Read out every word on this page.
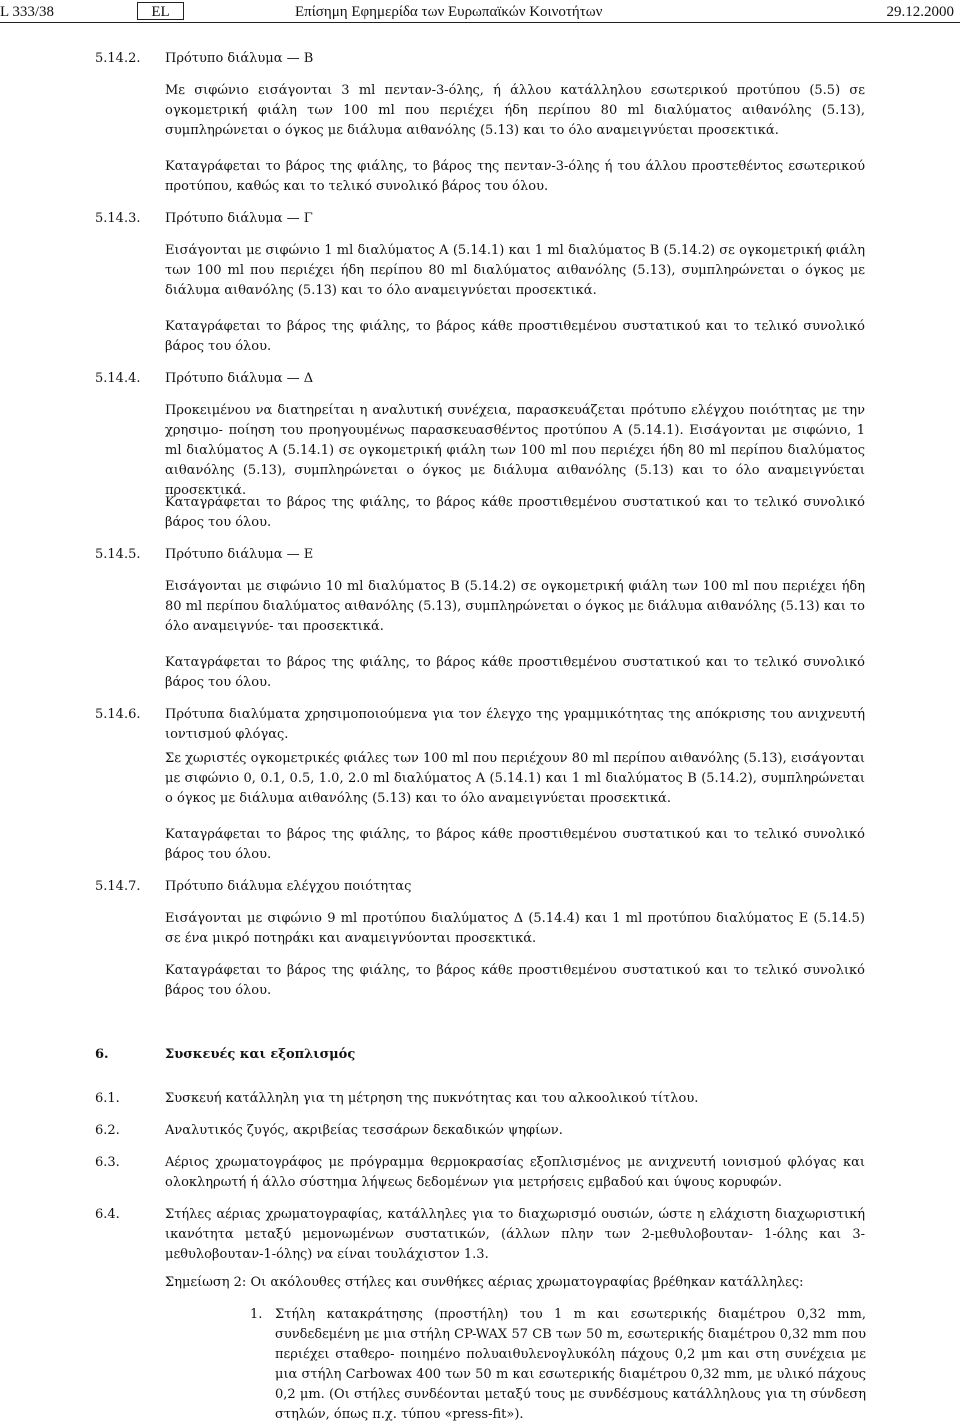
L 333/38	EL	Επίσημη Εφημερίδα των Ευρωπαϊκών Κοινοτήτων	29.12.2000
5.14.2. Πρότυπο διάλυμα — Β
Με σιφώνιο εισάγονται 3 ml πενταν-3-όλης, ή άλλου κατάλληλου εσωτερικού προτύπου (5.5) σε ογκομετρική φιάλη των 100 ml που περιέχει ήδη περίπου 80 ml διαλύματος αιθανόλης (5.13), συμπληρώνεται ο όγκος με διάλυμα αιθανόλης (5.13) και το όλο αναμειγνύεται προσεκτικά.
Καταγράφεται το βάρος της φιάλης, το βάρος της πενταν-3-όλης ή του άλλου προστεθέντος εσωτερικού προτύπου, καθώς και το τελικό συνολικό βάρος του όλου.
5.14.3. Πρότυπο διάλυμα — Γ
Εισάγονται με σιφώνιο 1 ml διαλύματος Α (5.14.1) και 1 ml διαλύματος Β (5.14.2) σε ογκομετρική φιάλη των 100 ml που περιέχει ήδη περίπου 80 ml διαλύματος αιθανόλης (5.13), συμπληρώνεται ο όγκος με διάλυμα αιθανόλης (5.13) και το όλο αναμειγνύεται προσεκτικά.
Καταγράφεται το βάρος της φιάλης, το βάρος κάθε προστιθεμένου συστατικού και το τελικό συνολικό βάρος του όλου.
5.14.4. Πρότυπο διάλυμα — Δ
Προκειμένου να διατηρείται η αναλυτική συνέχεια, παρασκευάζεται πρότυπο ελέγχου ποιότητας με την χρησιμο- ποίηση του προηγουμένως παρασκευασθέντος προτύπου Α (5.14.1). Εισάγονται με σιφώνιο, 1 ml διαλύματος Α (5.14.1) σε ογκομετρική φιάλη των 100 ml που περιέχει ήδη 80 ml περίπου διαλύματος αιθανόλης (5.13), συμπληρώνεται ο όγκος με διάλυμα αιθανόλης (5.13) και το όλο αναμειγνύεται προσεκτικά.
Καταγράφεται το βάρος της φιάλης, το βάρος κάθε προστιθεμένου συστατικού και το τελικό συνολικό βάρος του όλου.
5.14.5. Πρότυπο διάλυμα — Ε
Εισάγονται με σιφώνιο 10 ml διαλύματος Β (5.14.2) σε ογκομετρική φιάλη των 100 ml που περιέχει ήδη 80 ml περίπου διαλύματος αιθανόλης (5.13), συμπληρώνεται ο όγκος με διάλυμα αιθανόλης (5.13) και το όλο αναμειγνύε- ται προσεκτικά.
Καταγράφεται το βάρος της φιάλης, το βάρος κάθε προστιθεμένου συστατικού και το τελικό συνολικό βάρος του όλου.
5.14.6. Πρότυπα διαλύματα χρησιμοποιούμενα για τον έλεγχο της γραμμικότητας της απόκρισης του ανιχνευτή ιοντισμού φλόγας.
Σε χωριστές ογκομετρικές φιάλες των 100 ml που περιέχουν 80 ml περίπου αιθανόλης (5.13), εισάγονται με σιφώνιο 0, 0.1, 0.5, 1.0, 2.0 ml διαλύματος Α (5.14.1) και 1 ml διαλύματος Β (5.14.2), συμπληρώνεται ο όγκος με διάλυμα αιθανόλης (5.13) και το όλο αναμειγνύεται προσεκτικά.
Καταγράφεται το βάρος της φιάλης, το βάρος κάθε προστιθεμένου συστατικού και το τελικό συνολικό βάρος του όλου.
5.14.7. Πρότυπο διάλυμα ελέγχου ποιότητας
Εισάγονται με σιφώνιο 9 ml προτύπου διαλύματος Δ (5.14.4) και 1 ml προτύπου διαλύματος Ε (5.14.5) σε ένα μικρό ποτηράκι και αναμειγνύονται προσεκτικά.
Καταγράφεται το βάρος της φιάλης, το βάρος κάθε προστιθεμένου συστατικού και το τελικό συνολικό βάρος του όλου.
6.	Συσκευές και εξοπλισμός
6.1.	Συσκευή κατάλληλη για τη μέτρηση της πυκνότητας και του αλκοολικού τίτλου.
6.2.	Αναλυτικός ζυγός, ακριβείας τεσσάρων δεκαδικών ψηφίων.
6.3.	Αέριος χρωματογράφος με πρόγραμμα θερμοκρασίας εξοπλισμένος με ανιχνευτή ιονισμού φλόγας και ολοκληρωτή ή άλλο σύστημα λήψεως δεδομένων για μετρήσεις εμβαδού και ύψους κορυφών.
6.4.	Στήλες αέριας χρωματογραφίας, κατάλληλες για το διαχωρισμό ουσιών, ώστε η ελάχιστη διαχωριστική ικανότητα μεταξύ μεμονωμένων συστατικών, (άλλων πλην των 2-μεθυλοβουταν- 1-όλης και 3-μεθυλοβουταν-1-όλης) να είναι τουλάχιστον 1.3.
Σημείωση 2: Οι ακόλουθες στήλες και συνθήκες αέριας χρωματογραφίας βρέθηκαν κατάλληλες:
1. Στήλη κατακράτησης (προστήλη) του 1 m και εσωτερικής διαμέτρου 0,32 mm, συνδεδεμένη με μια στήλη CP-WAX 57 CB των 50 m, εσωτερικής διαμέτρου 0,32 mm που περιέχει σταθερο- ποιημένο πολυαιθυλενογλυκόλη πάχους 0,2 μm και στη συνέχεια με μια στήλη Carbowax 400 των 50 m και εσωτερικής διαμέτρου 0,32 mm, με υλικό πάχους 0,2 μm. (Οι στήλες συνδέονται μεταξύ τους με συνδέσμους κατάλληλους για τη σύνδεση στηλών, όπως π.χ. τύπου «press-fit»).
